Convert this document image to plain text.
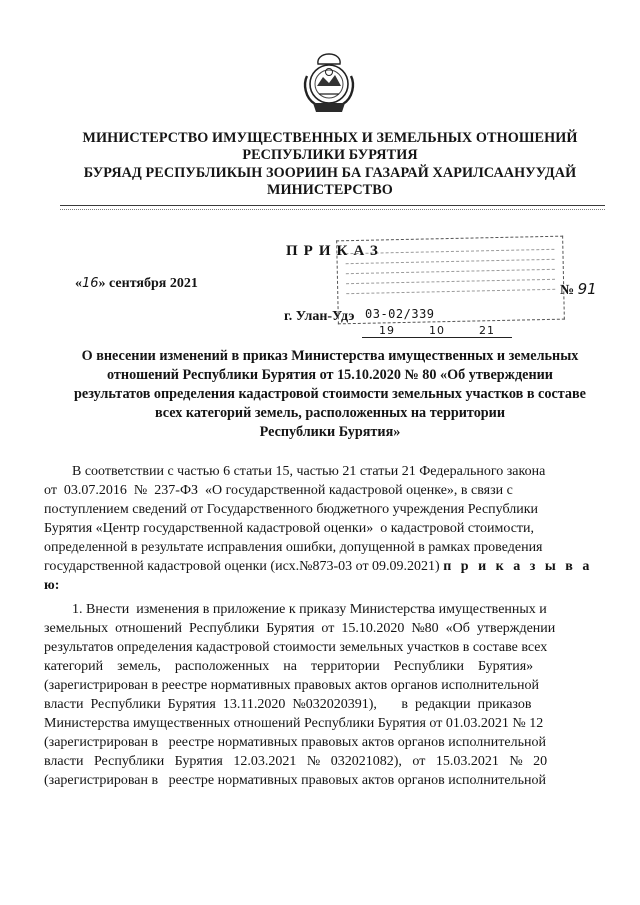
МИНИСТЕРСТВО ИМУЩЕСТВЕННЫХ И ЗЕМЕЛЬНЫХ ОТНОШЕНИЙ
РЕСПУБЛИКИ БУРЯТИЯ
БУРЯАД РЕСПУБЛИКЫН ЗООРИИН БА ГАЗАРАЙ ХАРИЛСААНУУДАЙ
МИНИСТЕРСТВО
ПРИКАЗ
«16» сентября 2021	№ 91
г. Улан-Удэ 03-02/339
19	10	21
О внесении изменений в приказ Министерства имущественных и земельных
отношений Республики Бурятия от 15.10.2020 № 80 «Об утверждении
результатов определения кадастровой стоимости земельных участков в составе
всех категорий земель, расположенных на территории
Республики Бурятия»
В соответствии с частью 6 статьи 15, частью 21 статьи 21 Федерального закона
от  03.07.2016  №  237-ФЗ  «О государственной кадастровой оценке», в связи с
поступлением сведений от Государственного бюджетного учреждения Республики
Бурятия «Центр государственной кадастровой оценки»  о кадастровой стоимости,
определенной в результате исправления ошибки, допущенной в рамках проведения
государственной кадастровой оценки (исх.№873-03 от 09.09.2021) п р и к а з ы в а
ю:
1. Внести  изменения в приложение к приказу Министерства имущественных и
земельных  отношений  Республики  Бурятия  от  15.10.2020  №80  «Об  утверждении
результатов определения кадастровой стоимости земельных участков в составе всех
категорий    земель,    расположенных    на    территории    Республики    Бурятия»
(зарегистрирован в реестре нормативных правовых актов органов исполнительной
власти  Республики  Бурятия  13.11.2020  №032020391),       в  редакции  приказов
Министерства имущественных отношений Республики Бурятия от 01.03.2021 № 12
(зарегистрирован в   реестре нормативных правовых актов органов исполнительной
власти   Республики   Бурятия   12.03.2021   №   032021082),   от   15.03.2021   №   20
(зарегистрирован в   реестре нормативных правовых актов органов исполнительной
